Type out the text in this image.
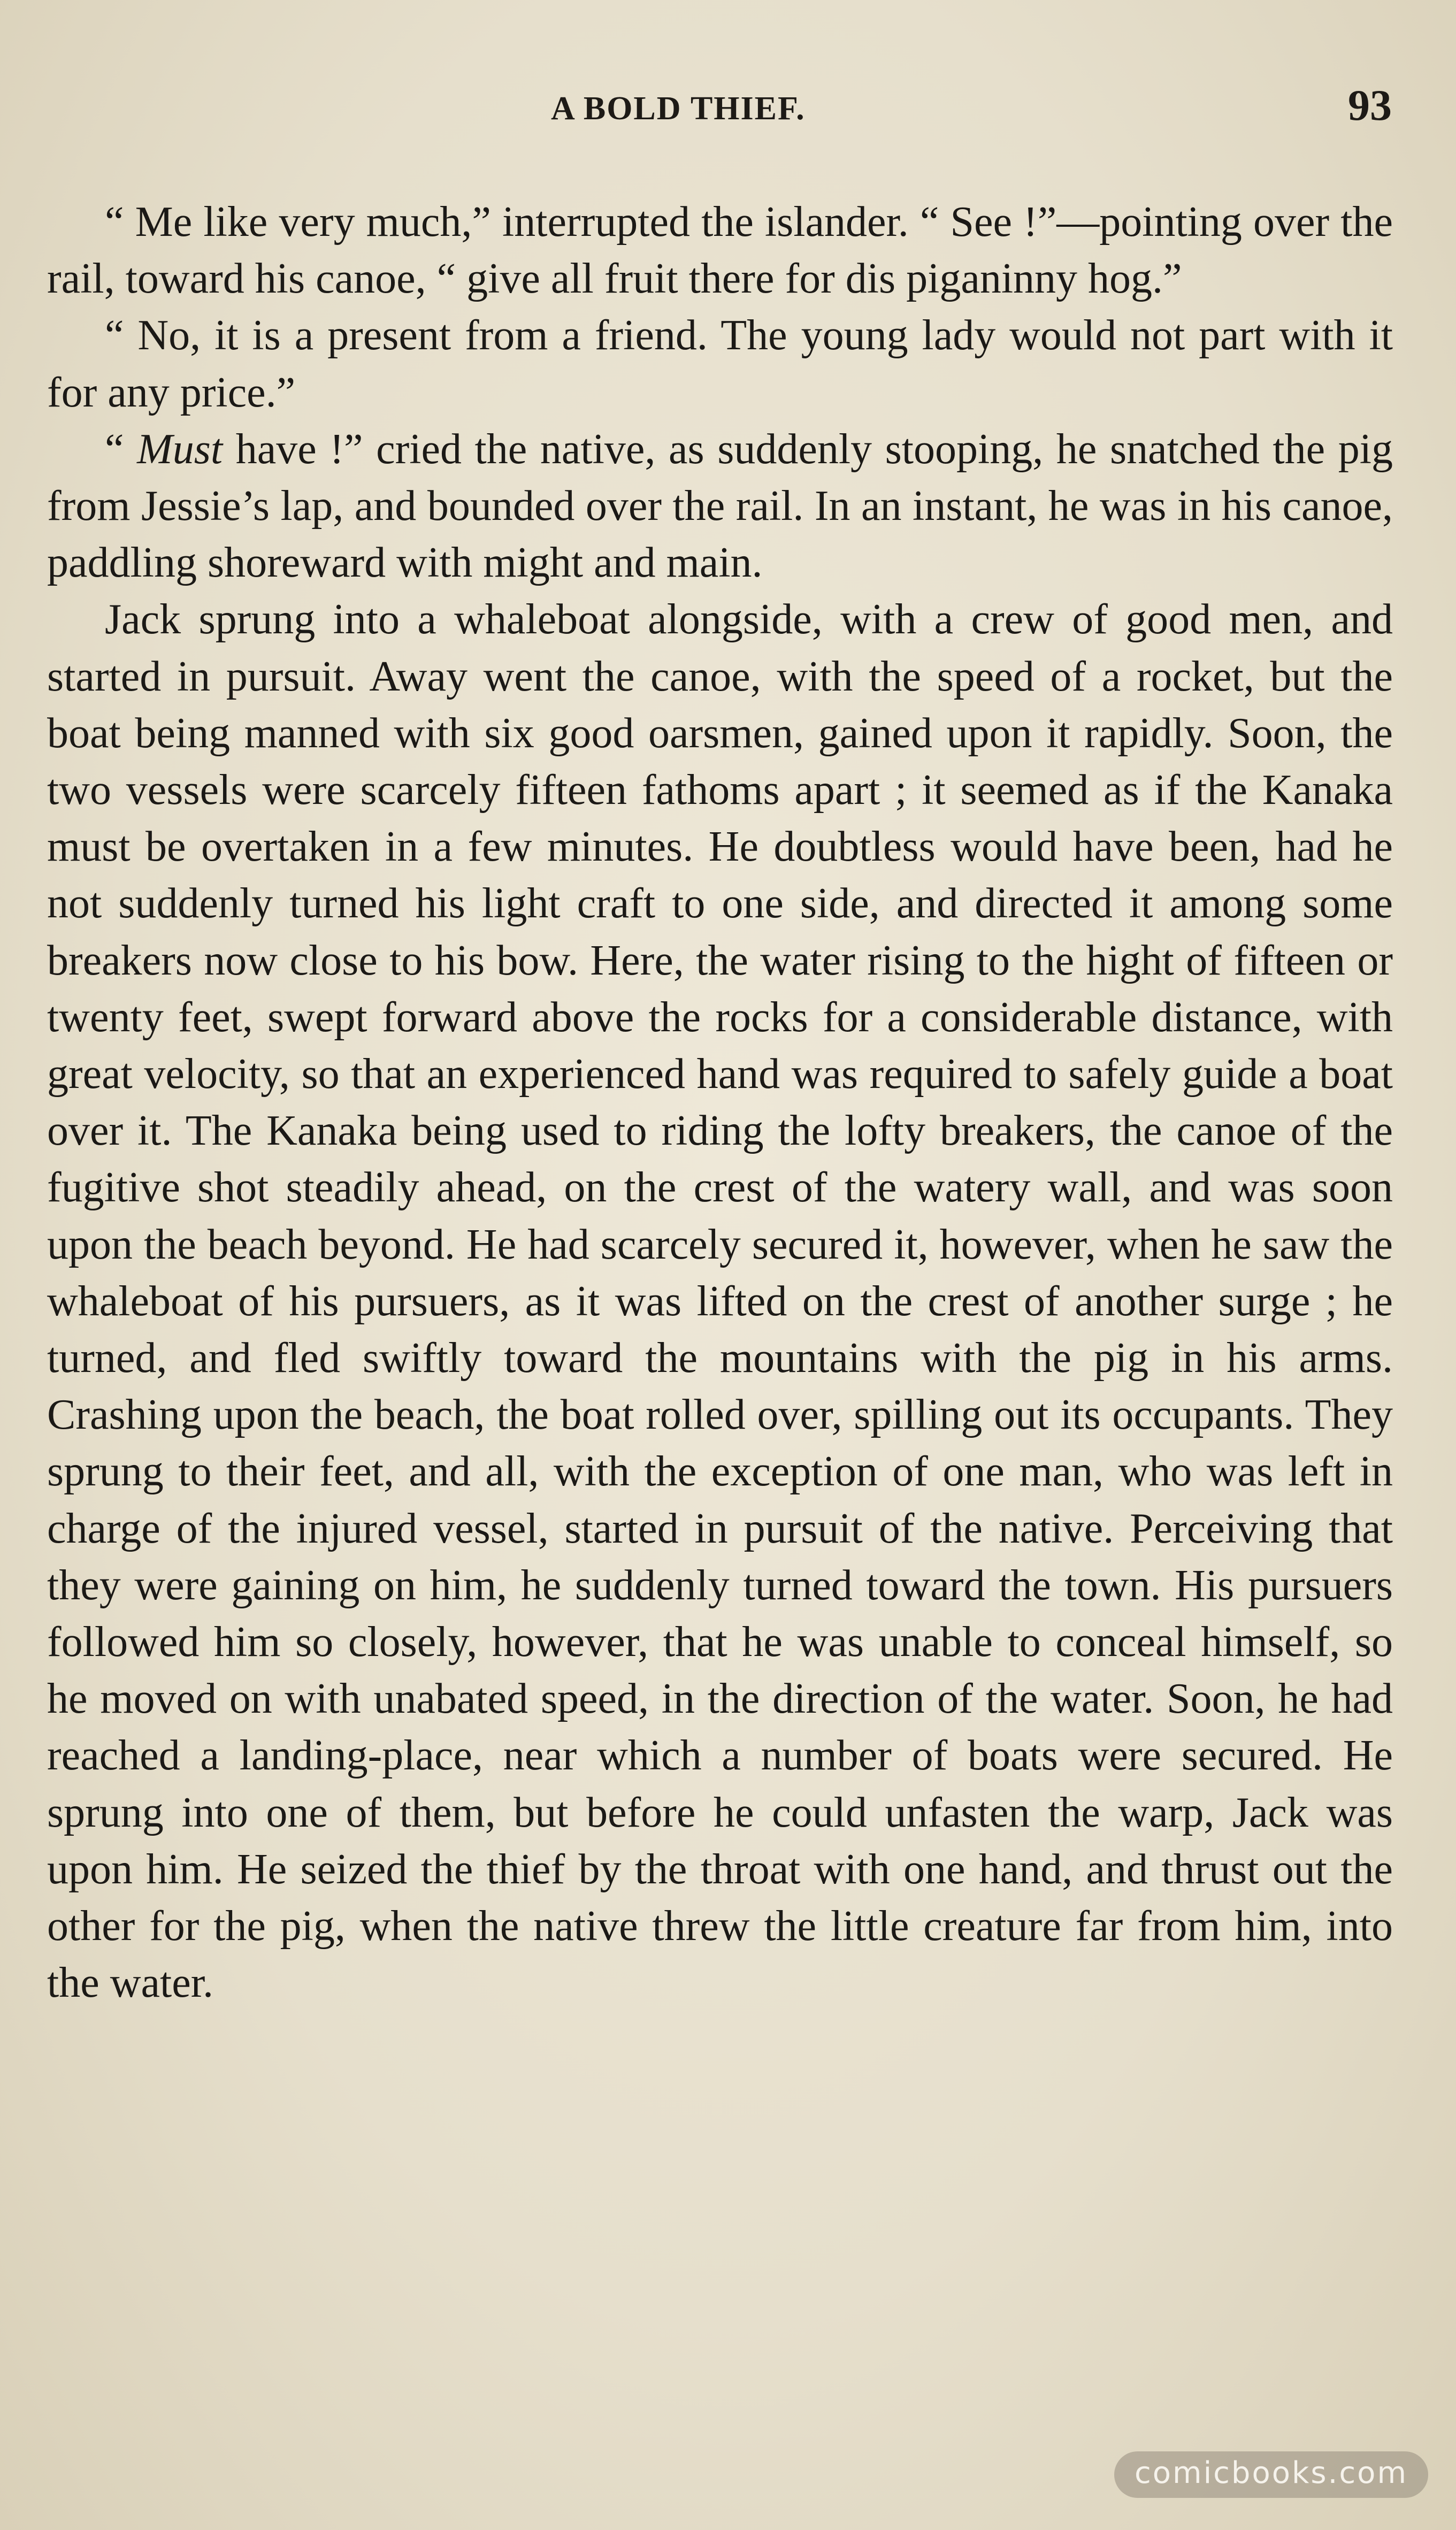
A BOLD THIEF.	93

“ Me like very much,” interrupted the islander. “ See !”—pointing over the rail, toward his canoe, “ give all fruit there for dis piganinny hog.”

“ No, it is a present from a friend. The young lady would not part with it for any price.”

“ Must have !” cried the native, as suddenly stooping, he snatched the pig from Jessie’s lap, and bounded over the rail. In an instant, he was in his canoe, paddling shoreward with might and main.

Jack sprung into a whaleboat alongside, with a crew of good men, and started in pursuit. Away went the canoe, with the speed of a rocket, but the boat being manned with six good oarsmen, gained upon it rapidly. Soon, the two vessels were scarcely fifteen fathoms apart ; it seemed as if the Kanaka must be overtaken in a few minutes. He doubtless would have been, had he not suddenly turned his light craft to one side, and directed it among some breakers now close to his bow. Here, the water rising to the hight of fifteen or twenty feet, swept forward above the rocks for a considerable distance, with great velocity, so that an experienced hand was required to safely guide a boat over it. The Kanaka being used to riding the lofty breakers, the canoe of the fugitive shot steadily ahead, on the crest of the watery wall, and was soon upon the beach beyond. He had scarcely secured it, however, when he saw the whaleboat of his pursuers, as it was lifted on the crest of another surge ; he turned, and fled swiftly toward the mountains with the pig in his arms. Crashing upon the beach, the boat rolled over, spilling out its occupants. They sprung to their feet, and all, with the exception of one man, who was left in charge of the injured vessel, started in pursuit of the native. Perceiving that they were gaining on him, he suddenly turned toward the town. His pursuers followed him so closely, however, that he was unable to conceal himself, so he moved on with unabated speed, in the direction of the water. Soon, he had reached a landing-place, near which a number of boats were secured. He sprung into one of them, but before he could unfasten the warp, Jack was upon him. He seized the thief by the throat with one hand, and thrust out the other for the pig, when the native threw the little creature far from him, into the water.

comicbooks.com
